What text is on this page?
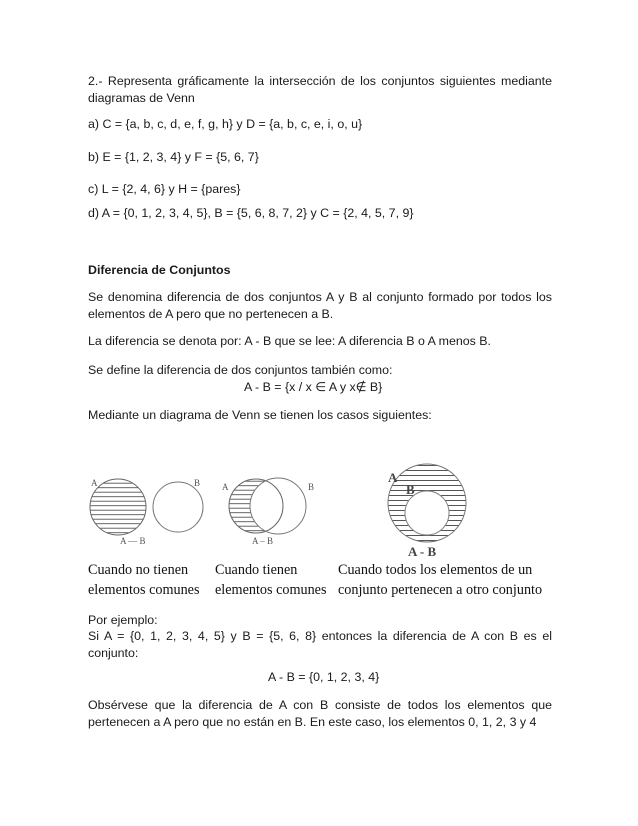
2.- Representa gráficamente la intersección de los conjuntos siguientes mediante diagramas de Venn
a) C = {a, b, c, d, e, f, g, h} y D = {a, b, c, e, i, o, u}
b) E = {1, 2, 3, 4} y F = {5, 6, 7}
c) L = {2, 4, 6} y H = {pares}
d) A = {0, 1, 2, 3, 4, 5}, B = {5, 6, 8, 7, 2} y C = {2, 4, 5, 7, 9}
Diferencia de Conjuntos
Se denomina diferencia de dos conjuntos A y B al conjunto formado por todos los elementos de A pero que no pertenecen a B.
La diferencia se denota por: A - B que se lee: A diferencia B o A menos B.
Se define la diferencia de dos conjuntos también como:
A - B = {x / x ∈ A y x∉ B}
Mediante un diagrama de Venn se tienen los casos siguientes:
A	B
A — B
A	B
A – B
A
B
A - B
Cuando no tienen
elementos comunes
Cuando tienen
elementos comunes
Cuando todos los elementos de un
conjunto pertenecen a otro conjunto
Por ejemplo:
Si A = {0, 1, 2, 3, 4, 5} y B = {5, 6, 8} entonces la diferencia de A con B es el conjunto:
A - B = {0, 1, 2, 3, 4}
Obsérvese que la diferencia de A con B consiste de todos los elementos que pertenecen a A pero que no están en B. En este caso, los elementos 0, 1, 2, 3 y 4
